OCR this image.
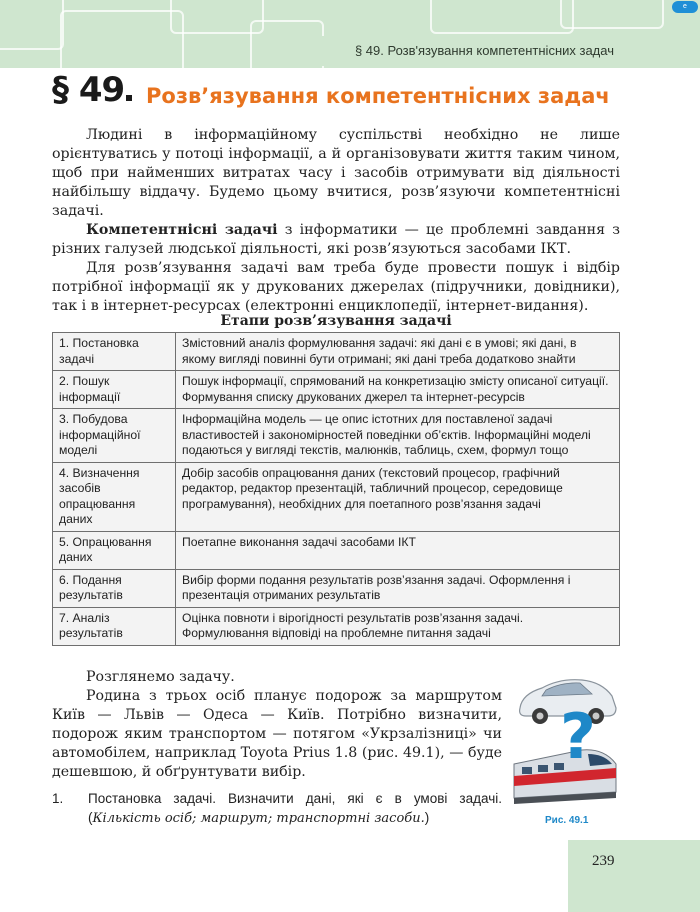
§ 49. Розв'язування компетентнісних задач
e
§ 49	Розв’язування компетентнісних задач

Людині в інформаційному суспільстві необхідно не лише орієнтуватись у потоці інформації, а й організовувати життя таким чином, щоб при найменших витратах часу і засобів отримувати від діяльності найбільшу віддачу. Будемо цьому вчитися, розв’язуючи компетентнісні задачі.

Компетентнісні задачі з інформатики — це проблемні завдання з різних галузей людської діяльності, які розв’язуються засобами ІКТ.

Для розв’язування задачі вам треба буде провести пошук і відбір потрібної інформації як у друкованих джерелах (підручники, довідники), так і в інтернет-ресурсах (електронні енциклопедії, інтернет-видання).

Етапи розв’язування задачі
1. Постановка задачі	Змістовний аналіз формулювання задачі: які дані є в умові; які дані, в якому вигляді повинні бути отримані; які дані треба додатково знайти
2. Пошук інформації	Пошук інформації, спрямований на конкретизацію змісту описаної ситуації. Формування списку друкованих джерел та інтернет-ресурсів
3. Побудова інформаційної моделі	Інформаційна модель — це опис істотних для поставленої задачі властивостей і закономірностей поведінки об’єктів. Інформаційні моделі подаються у вигляді текстів, малюнків, таблиць, схем, формул тощо
4. Визначення засобів опрацювання даних	Добір засобів опрацювання даних (текстовий процесор, графічний редактор, редактор презентацій, табличний процесор, середовище програмування), необхідних для поетапного розв’язання задачі
5. Опрацювання даних	Поетапне виконання задачі засобами ІКТ
6. Подання результатів	Вибір форми подання результатів розв’язання задачі. Оформлення і презентація отриманих результатів
7. Аналіз результатів	Оцінка повноти і вірогідності результатів розв’язання задачі. Формулювання відповіді на проблемне питання задачі

Розглянемо задачу.

Родина з трьох осіб планує подорож за маршрутом Київ — Львів — Одеса — Київ. Потрібно визначити, подорож яким транспортом — потягом «Укрзалізниці» чи автомобілем, наприклад Toyota Prius 1.8 (рис. 49.1), — буде дешевшою, й обґрунтувати вибір.

1. Постановка задачі. Визначити дані, які є в умові задачі. (Кількість осіб; маршрут; транспортні засоби.)
?
Рис. 49.1
239
